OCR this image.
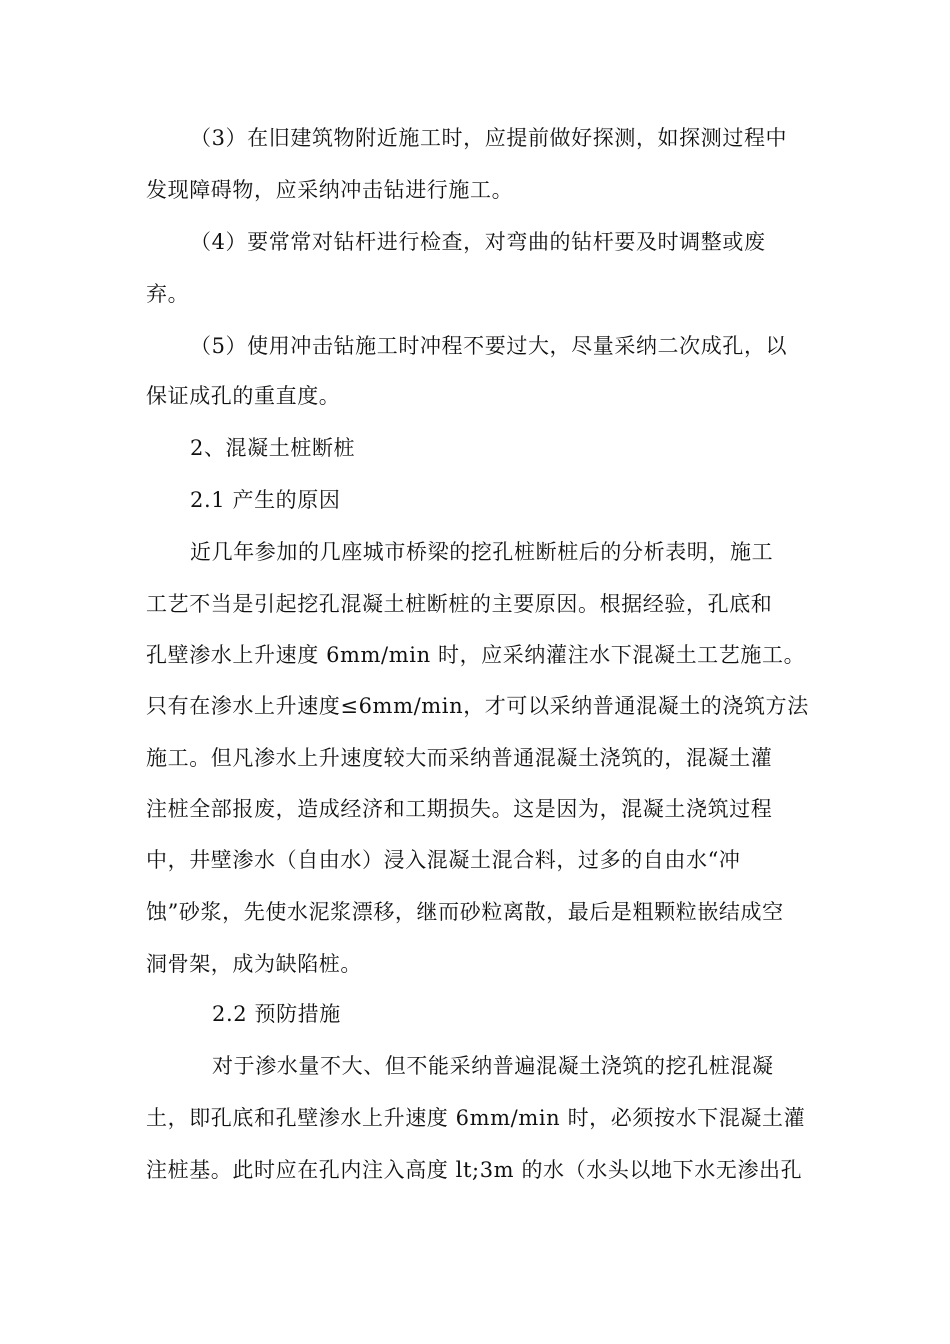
（3）在旧建筑物附近施工时，应提前做好探测，如探测过程中
发现障碍物，应采纳冲击钻进行施工。
（4）要常常对钻杆进行检查，对弯曲的钻杆要及时调整或废
弃。
（5）使用冲击钻施工时冲程不要过大，尽量采纳二次成孔，以
保证成孔的重直度。
2、混凝土桩断桩
2.1 产生的原因
近几年参加的几座城市桥梁的挖孔桩断桩后的分析表明，施工
工艺不当是引起挖孔混凝土桩断桩的主要原因。根据经验，孔底和
孔壁渗水上升速度 6mm/min 时，应采纳灌注水下混凝土工艺施工。
只有在渗水上升速度≤6mm/min，才可以采纳普通混凝土的浇筑方法
施工。但凡渗水上升速度较大而采纳普通混凝土浇筑的，混凝土灌
注桩全部报废，造成经济和工期损失。这是因为，混凝土浇筑过程
中，井壁渗水（自由水）浸入混凝土混合料，过多的自由水“冲
蚀”砂浆，先使水泥浆漂移，继而砂粒离散，最后是粗颗粒嵌结成空
洞骨架，成为缺陷桩。
2.2 预防措施
对于渗水量不大、但不能采纳普遍混凝土浇筑的挖孔桩混凝
土，即孔底和孔壁渗水上升速度 6mm/min 时，必须按水下混凝土灌
注桩基。此时应在孔内注入高度 lt;3m 的水（水头以地下水无渗出孔
